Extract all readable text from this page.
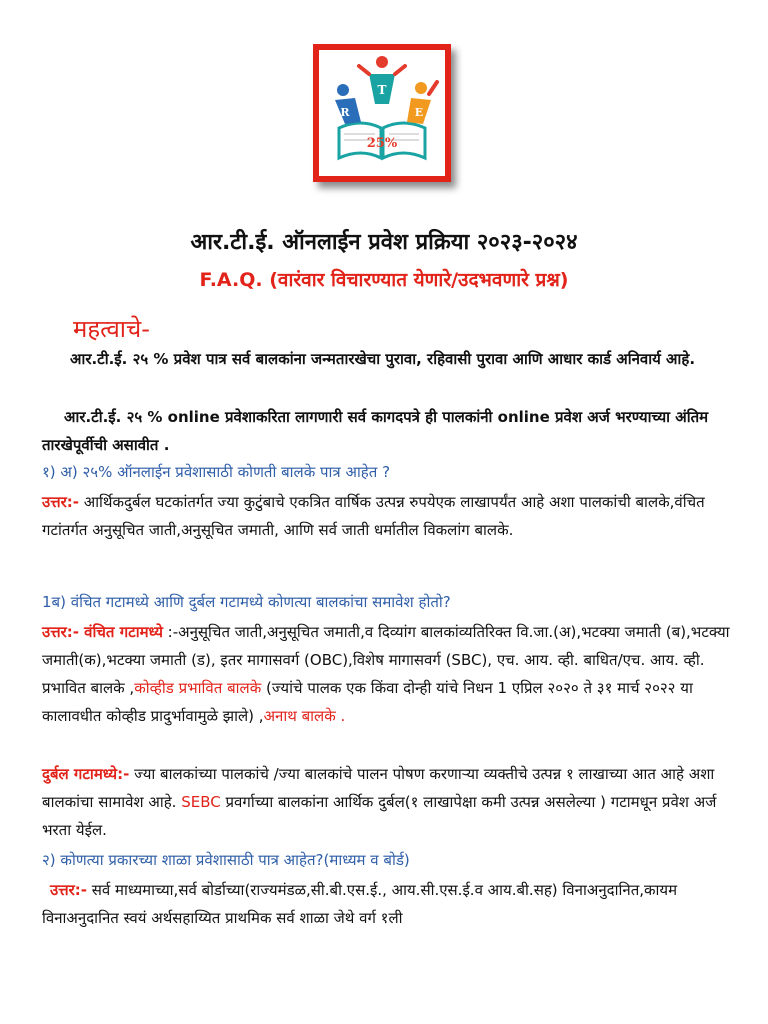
R
T
E
25%
आर.टी.ई. ऑनलाईन प्रवेश प्रक्रिया २०२३-२०२४
F.A.Q. (वारंवार विचारण्यात येणारे/उदभवणारे प्रश्न)
महत्वाचे-

आर.टी.ई. २५ % प्रवेश पात्र सर्व बालकांना जन्मतारखेचा पुरावा, रहिवासी पुरावा आणि आधार कार्ड अनिवार्य आहे.

आर.टी.ई. २५ % online प्रवेशाकरिता लागणारी सर्व कागदपत्रे ही पालकांनी online प्रवेश अर्ज भरण्याच्या अंतिम तारखेपूर्वीची असावीत .

१) अ) २५% ऑनलाईन प्रवेशासाठी कोणती बालके पात्र आहेत ?

उत्तर:- आर्थिकदुर्बल घटकांतर्गत ज्या कुटुंबाचे एकत्रित वार्षिक उत्पन्न रुपयेएक लाखापर्यंत आहे अशा पालकांची बालके,वंचित गटांतर्गत अनुसूचित जाती,अनुसूचित जमाती, आणि सर्व जाती धर्मातील विकलांग बालके.

1ब) वंचित गटामध्ये आणि दुर्बल गटामध्ये कोणत्या बालकांचा समावेश होतो?

उत्तर:- वंचित गटामध्ये :-अनुसूचित जाती,अनुसूचित जमाती,व दिव्यांग बालकांव्यतिरिक्त वि.जा.(अ),भटक्या जमाती (ब),भटक्या जमाती(क),भटक्या जमाती (ड), इतर मागासवर्ग (OBC),विशेष मागासवर्ग (SBC), एच. आय. व्ही. बाधित/एच. आय. व्ही. प्रभावित बालके ,कोव्हीड प्रभावित बालके (ज्यांचे पालक एक किंवा दोन्ही यांचे निधन 1 एप्रिल २०२० ते ३१ मार्च २०२२ या कालावधीत कोव्हीड प्रादुर्भावामुळे झाले) ,अनाथ बालके .

दुर्बल गटामध्ये:- ज्या बालकांच्या पालकांचे /ज्या बालकांचे पालन पोषण करणाऱ्या व्यक्तीचे उत्पन्न १ लाखाच्या आत आहे अशा बालकांचा सामावेश आहे. SEBC प्रवर्गाच्या बालकांना आर्थिक दुर्बल(१ लाखापेक्षा कमी उत्पन्न असलेल्या ) गटामधून प्रवेश अर्ज भरता येईल.

२) कोणत्या प्रकारच्या शाळा प्रवेशासाठी पात्र आहेत?(माध्यम व बोर्ड)

उत्तर:- सर्व माध्यमाच्या,सर्व बोर्डाच्या(राज्यमंडळ,सी.बी.एस.ई., आय.सी.एस.ई.व आय.बी.सह) विनाअनुदानित,कायम विनाअनुदानित स्वयं अर्थसहाय्यित प्राथमिक सर्व शाळा जेथे वर्ग १ली
